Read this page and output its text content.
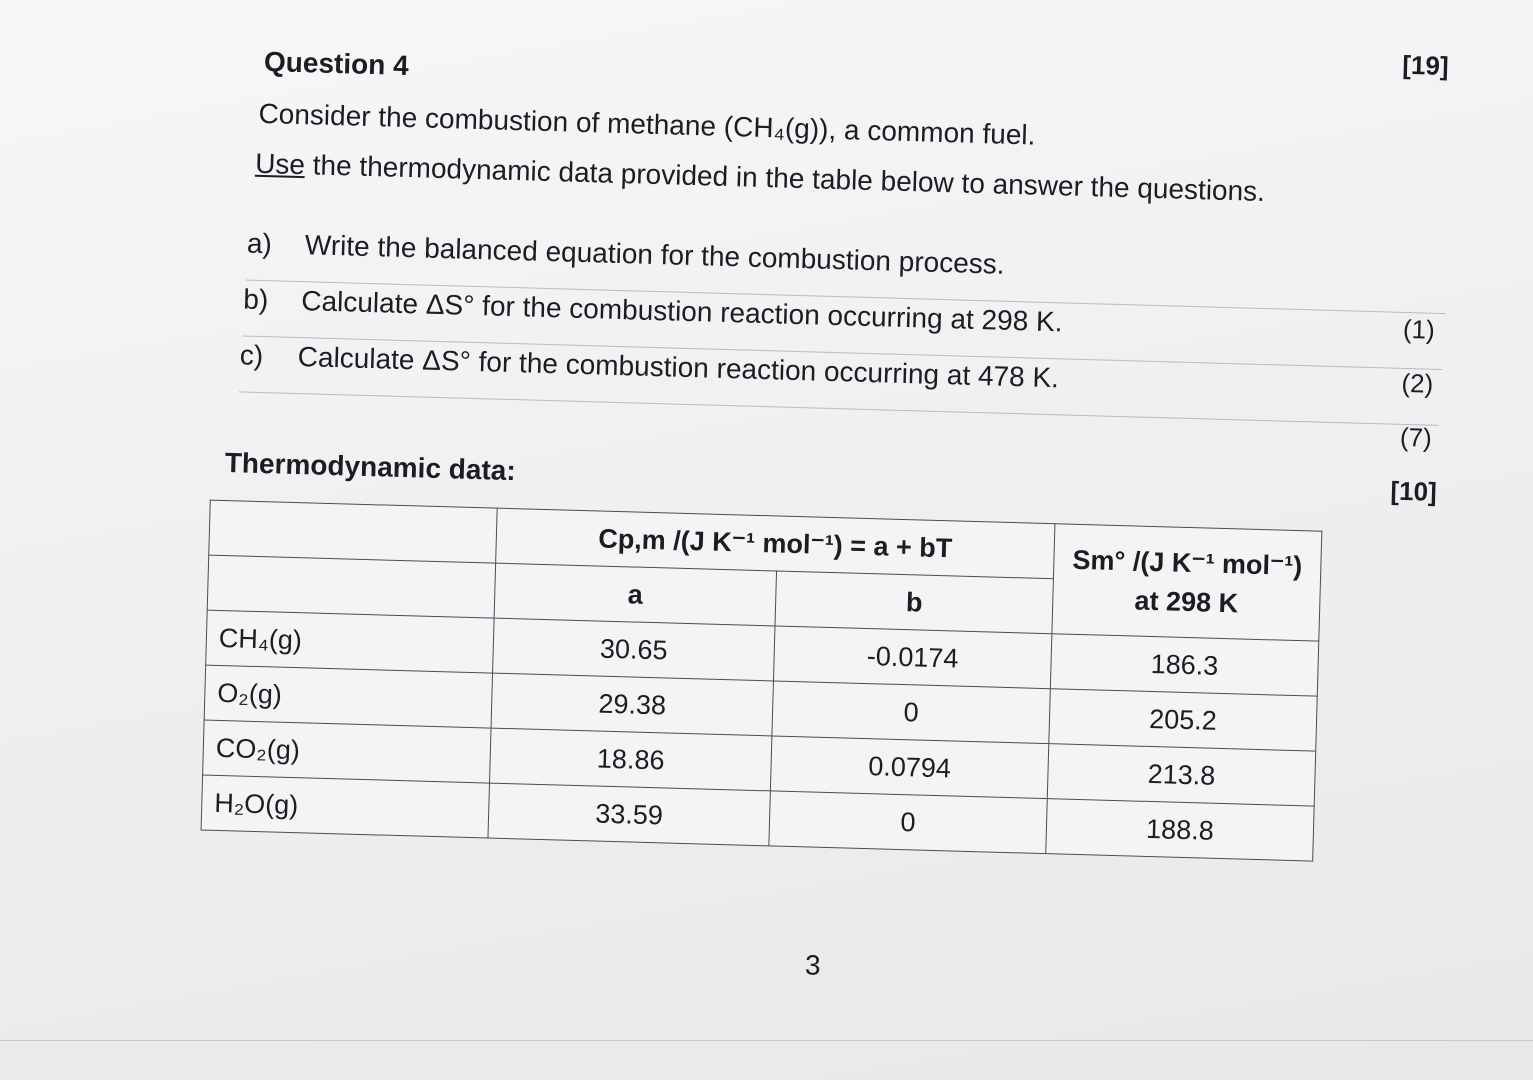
[19]
Question 4
Consider the combustion of methane (CH₄(g)), a common fuel.
Use the thermodynamic data provided in the table below to answer the questions.
a) Write the balanced equation for the combustion process.
b) Calculate ΔS° for the combustion reaction occurring at 298 K.
c) Calculate ΔS° for the combustion reaction occurring at 478 K.
(1)
(2)
(7)
[10]
Thermodynamic data:
	Cp,m /(J K⁻¹ mol⁻¹) = a + bT		Sm° /(J K⁻¹ mol⁻¹)
at 298 K

	a	b	
CH₄(g)	30.65	-0.0174	186.3
O₂(g)	29.38	0	205.2
CO₂(g)	18.86	0.0794	213.8
H₂O(g)	33.59	0	188.8
3
